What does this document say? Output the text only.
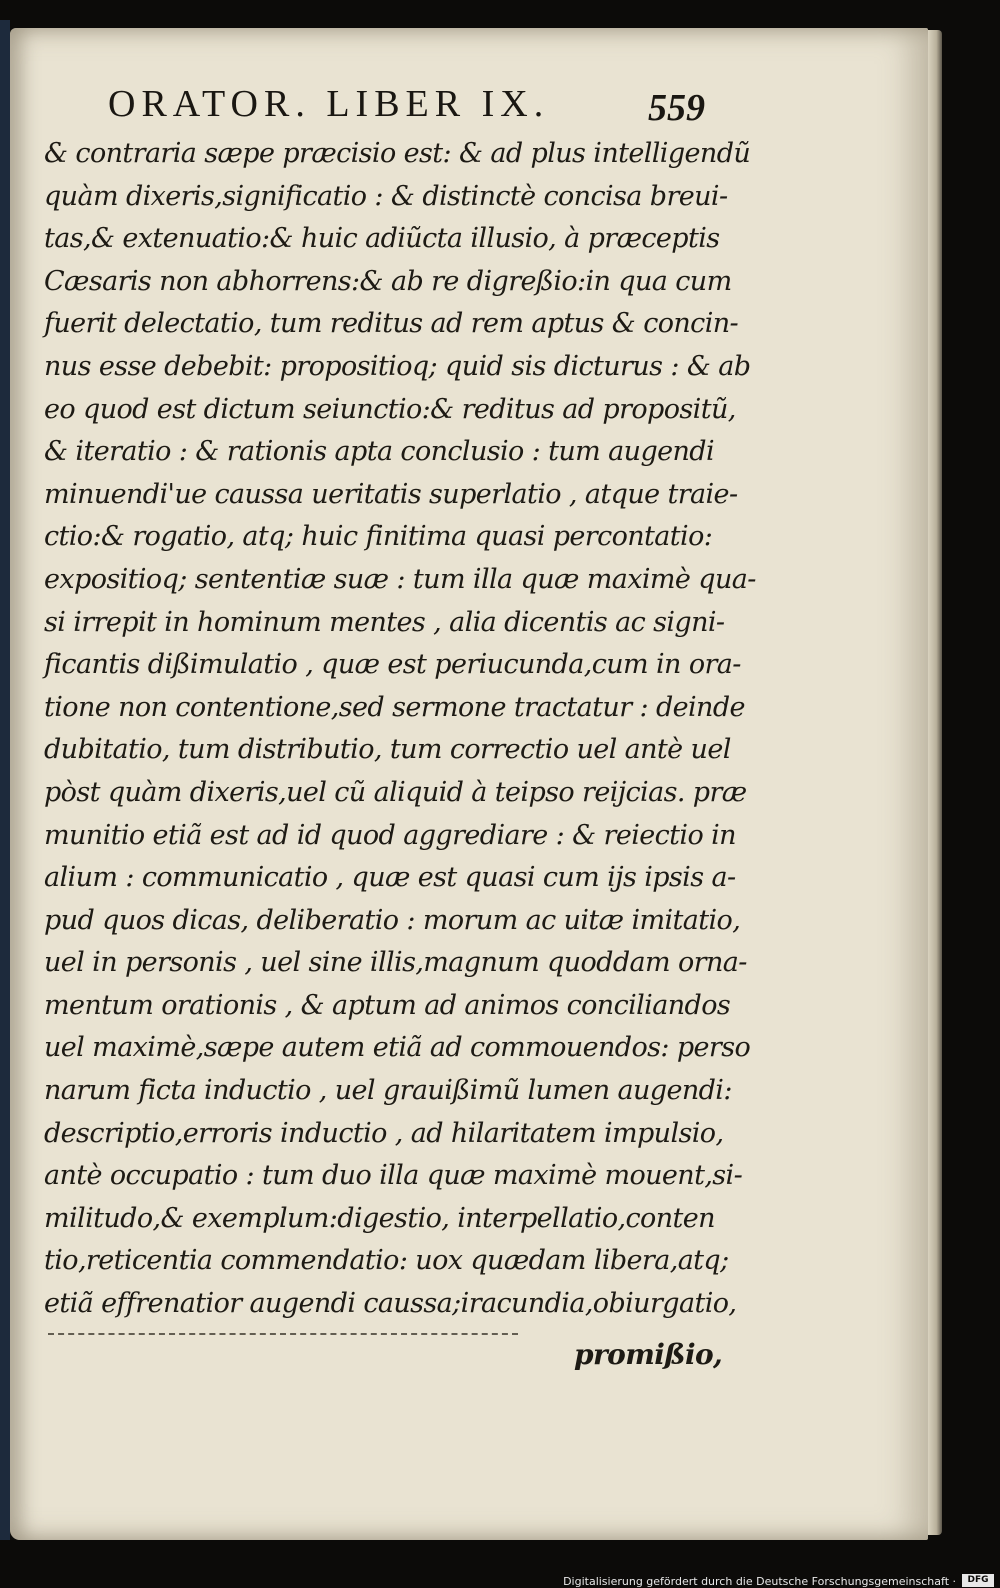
ORATOR. LIBER IX.	559
& contraria sæpe præcisio est: & ad plus intelligendũ
quàm dixeris,significatio : & distinctè concisa breui-
tas,& extenuatio:& huic adiũcta illusio, à præceptis
Cæsaris non abhorrens:& ab re digreßio:in qua cum
fuerit delectatio, tum reditus ad rem aptus & concin-
nus esse debebit: propositioq; quid sis dicturus : & ab
eo quod est dictum seiunctio:& reditus ad propositũ,
& iteratio : & rationis apta conclusio : tum augendi
minuendi'ue caussa ueritatis superlatio , atque traie-
ctio:& rogatio, atq; huic finitima quasi percontatio:
expositioq; sententiæ suæ : tum illa quæ maximè qua-
si irrepit in hominum mentes , alia dicentis ac signi-
ficantis dißimulatio , quæ est periucunda,cum in ora-
tione non contentione,sed sermone tractatur : deinde
dubitatio, tum distributio, tum correctio uel antè uel
pòst quàm dixeris,uel cũ aliquid à teipso reijcias. præ
munitio etiã est ad id quod aggrediare : & reiectio in
alium : communicatio , quæ est quasi cum ijs ipsis a-
pud quos dicas, deliberatio : morum ac uitæ imitatio,
uel in personis , uel sine illis,magnum quoddam orna-
mentum orationis , & aptum ad animos conciliandos
uel maximè,sæpe autem etiã ad commouendos: perso
narum ficta inductio , uel grauißimũ lumen augendi:
descriptio,erroris inductio , ad hilaritatem impulsio,
antè occupatio : tum duo illa quæ maximè mouent,si-
militudo,& exemplum:digestio, interpellatio,conten
tio,reticentia commendatio: uox quædam libera,atq;
etiã effrenatior augendi caussa;iracundia,obiurgatio,
promißio,
Digitalisierung gefördert durch die Deutsche Forschungsgemeinschaft ·	DFG
